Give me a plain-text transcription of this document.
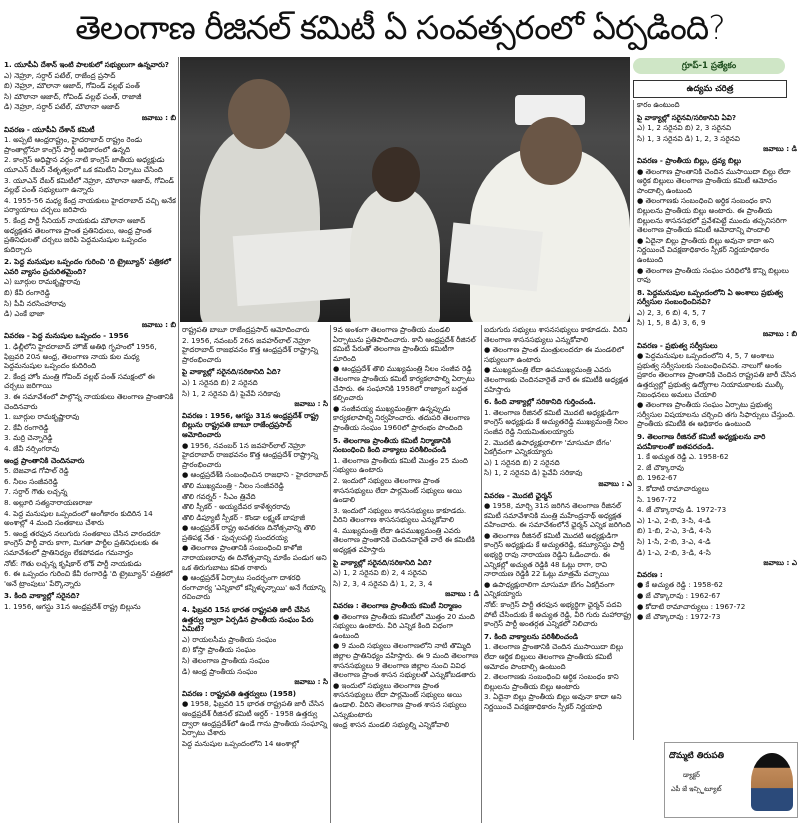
తెలంగాణ రీజినల్ కమిటీ ఏ సంవత్సరంలో ఏర్పడింది?

1. యూపీఏ దేశాన్ ఇంటి పాలకులో సభ్యులుగా ఉన్నవారు?

ఎ) నెహ్రూ, సర్దార్ పటేల్, రాజేంద్ర ప్రసాద్

బి) నెహ్రూ, మౌలానా ఆజాద్, గోవిండ్ వల్లభ్ పంత్

సి) మౌలానా ఆజాద్, గోవిండ్ వల్లభ్ పంత్, రాజాజీ

డి) నెహ్రూ, సర్దార్ పటేల్, మౌలానా ఆజాద్

జవాబు : బి

వివరణ - యూపీఏ దేశాన్ కమిటీ

1. అప్పటి ఆంధ్రరాష్ట్రం, హైదరాబాద్ రాష్ట్రం రెండు ప్రాంతాల్లోనూ కాంగ్రెస్ పార్టీ అధికారంలో ఉన్నది

2. కాంగ్రెస్ అధిష్టాన వర్గం నాటి కాంగ్రెస్ జాతీయ అధ్యక్షుడు యూఎన్ దేబర్ నేతృత్వంలో ఒక కమిటీని ఏర్పాటు చేసింది

3. యూఎన్ దేబర్ కమిటీలో నెహ్రూ, మౌలానా ఆజాద్, గోవిండ్ వల్లభ్ పంత్ సభ్యులుగా ఉన్నారు

4. 1955-56 మధ్య కేంద్ర నాయకులు హైదరాబాద్ వచ్చి అనేక పర్యాయాలు చర్చలు జరిపారు

5. కేంద్ర పార్టీ సీనియర్ నాయకుడు మౌలానా ఆజాద్ అధ్యక్షతన తెలంగాణ ప్రాంత ప్రతినిధులు, ఆంధ్ర ప్రాంత ప్రతినిధులతో చర్చలు జరిపి పెద్దమనుషుల ఒప్పందం కుదిర్చారు

2. పెద్ద మనుషుల ఒప్పందం గురించి 'ది ట్రైబ్యూన్' పత్రికలో ఎవరి వ్యాసం ప్రచురితమైంది?

ఎ) బూర్గుల రామకృష్ణారావు

బి) కేవీ రంగారెడ్డి

సి) పీవీ నరసింహారావు

డి) ఎంకే భాజా

జవాబు : బి

వివరణ - పెద్ద మనుషుల ఒప్పందం - 1956

1. ఢిల్లీలోని హైదరాబాద్ హౌజ్ అతిథి గృహంలో 1956, ఫిబ్రవరి 20న అంధ్ర, తెలంగాణ నాయ కుల మధ్య పెద్దమనుషుల ఒప్పందం కుదిరింది

2. కేంద్ర హోం మంత్రి గోవింద్ వల్లభ్ పంత్ సమక్షంలో ఈ చర్చలు జరిగాయి

3. ఈ సమావేశంలో పాల్గొన్న నాయకులు తెలంగాణ ప్రాంతానికి చెందినవారు

1. బూర్గుల రామకృష్ణారావు

2. కేవీ రంగారెడ్డి

3. మర్రి చెన్నారెడ్డి

4. జేవీ నర్సింగరావు

ఆంధ్ర ప్రాంతానికి చెందినవారు

5. బెజవాడ గోపాల్ రెడ్డి

6. నీలం సంజీవరెడ్డి

7. సర్దార్ గౌతు లచ్చన్న

8. అల్లూరి సత్యనారాయణరాజు

4. పెద్ద మనుషుల ఒప్పందంలో అంగీకారం కుదిరిన 14 అంశాల్లో 4 మంది సంతకాలు చేశారు

5. ఆంధ్ర తరఫున నలుగురు సంతకాలు చేసిన వారందరూ కాంగ్రెస్ పార్టీ వారు కాగా, మిగతా పార్టీల ప్రతినిధులకు ఈ సమావేశంలో ప్రాతినిధ్యం లేకపోవడం గమనార్హం

నోట్: గౌతు లచ్చన్న కృషికార్ లోక్ పార్టీ నాయకుడు

6. ఈ ఒప్పందం గురించి కేవీ రంగారెడ్డి 'ది ట్రైబ్యూన్' పత్రికలో 'ఆనే ట్రాంపులు' పేర్కొన్నారు

3. కింది వాక్యాల్లో సరైనది?

1. 1956, ఆగస్టు 31న ఆంధ్రప్రదేశ్ రాష్ట్ర బిల్లును

గ్రూప్-1 ప్రత్యేకం
ఉద్యమ చరిత్ర

రాష్ట్రపతి బాబూ రాజేంద్రప్రసాద్ ఆమోదించారు

2. 1956, నవంబర్ 26న జవహర్‌లాల్ నెహ్రూ హైదరాబాద్ రాజభవనం కొత్త ఆంధ్రప్రదేశ్ రాష్ట్రాన్ని ప్రారంభించారు

పై వాక్యాల్లో సరైనది/సరికానిది ఏది?

ఎ) 1 సరైనది బి) 2 సరైనది

సి) 1, 2 సరైనవి డి) పైవేవీ సరికావు

జవాబు : సి

వివరణ : 1956, ఆగస్టు 31న ఆంధ్రప్రదేశ్ రాష్ట్ర బిల్లును రాష్ట్రపతి బాబూ రాజేంద్రప్రసాద్ ఆమోదించారు

● 1956, నవంబర్ 1న జవహర్‌లాల్ నెహ్రూ హైదరాబాద్ రాజభవనం కొత్త ఆంధ్రప్రదేశ్ రాష్ట్రాన్ని ప్రారంభించారు

● ఆంధ్రప్రదేశ్‌కి సంబంధించిన రాజధాని - హైదరాబాద్

తొలి ముఖ్యమంత్రి - నీలం సంజీవరెడ్డి

తొలి గవర్నర్ - సీఎం త్రివేది

తొలి స్పీకర్ - అయ్యదేవర కాళేశ్వరరావు

తొలి డిప్యూటీ స్పీకర్ - కొండా లక్ష్మణ్ బాపూజీ

● ఆంధ్రప్రదేశ్ రాష్ట్ర అవతరణ దినోత్సవాన్ని తొలి ప్రతిపక్ష నేత - పుచ్చలపల్లి సుందరయ్య

● తెలంగాణ ప్రాంతానికి సంబంధించి కాళోజి నారాయణరావు ఈ దినోత్సవాన్ని మాకేం పండుగ అని ఒక తిరుగుబాటు కవిత రాశారు

● ఆంధ్రప్రదేశ్ ఏర్పాటు సందర్భంగా దాశరధి రంగాచార్య 'ఎన్నికాలో కన్నీళ్ళున్నాయి' అనే గేయాన్ని రచించారు

4. ఫిబ్రవరి 15న భారత రాష్ట్రపతి జారీ చేసిన ఉత్తర్వు ద్వారా ఏర్పడిన ప్రాంతీయ సంఘం పేరు ఏమిటి?

ఎ) రాయలసీమ ప్రాంతీయ సంఘం

బి) కోస్తా ప్రాంతీయ సంఘం

సి) తెలంగాణ ప్రాంతీయ సంఘం

డి) ఆంధ్ర ప్రాంతీయ సంఘం

జవాబు : సి

వివరణ : రాష్ట్రపతి ఉత్తర్వులు (1958)

● 1958, ఫిబ్రవరి 15 భారత రాష్ట్రపతి జారీ చేసిన ఆంధ్రప్రదేశ్ రీజినల్ కమిటీ ఆర్డర్ - 1958 ఉత్తర్వు ద్వారా ఆంధ్రప్రదేశ్‌లో ఉండే గాను ప్రాంతీయ సంఘాన్ని ఏర్పాటు చేశారు

పెద్ద మనుషుల ఒప్పందంలోని 14 అంశాల్లో

9వ అంశంగా తెలంగాణ ప్రాంతీయ మండలి ఏర్పాటును ప్రతిపాదించారు. కానీ ఆంధ్రప్రదేశ్ రీజినల్ కమిటీ పేరుతో తెలంగాణ ప్రాంతీయ కమిటీగా మారింది

● ఆంధ్రప్రదేశ్ తొలి ముఖ్యమంత్రి నీలం సంజీవ రెడ్డి తెలంగాణ ప్రాంతీయ కమిటీ కార్యకలాపాల్ని ఏర్పాటు చేసారు. ఈ సంఘానికి 1958లో రాజ్యాంగ బద్దత కల్పించారు

● సంజీవయ్య ముఖ్యమంత్రిగా ఉన్నప్పుడు కార్యకలాపాల్ని నిర్వహించారు. తదుపరి తెలంగాణ ప్రాంతీయ సంఘం 1960లో ప్రారంభం పొందింది

5. తెలంగాణ ప్రాంతీయ కమిటీ నిర్మాణానికి సంబంధించి కింది వాక్యాలు పరిశీలించండి

1. తెలంగాణ ప్రాంతీయ కమిటీ మొత్తం 25 మంది సభ్యులు ఉంటారు

2. ఇందులో సభ్యులు తెలంగాణ ప్రాంత శాసనసభ్యులు లేదా పార్లమెంట్ సభ్యులు అయి ఉండాలి

3. ఇందులో సభ్యులు శాసనసభ్యులు కాకూడదు. వీరిని తెలంగాణ శాసనసభ్యులు ఎన్నుకోవాలి

4. ముఖ్యమంత్రి లేదా ఉపముఖ్యమంత్రి ఎవరు తెలంగాణ ప్రాంతానికి చెందినవారైతే వారే ఈ కమిటీకి అధ్యక్షత వహిస్తారు

పై వాక్యాల్లో సరైనది/సరికానిది ఏది?

ఎ) 1, 2 సరైనవి బి) 2, 4 సరైనవి

సి) 2, 3, 4 సరైనవి డి) 1, 2, 3, 4

జవాబు : డి

వివరణ : తెలంగాణ ప్రాంతీయ కమిటీ నిర్మాణం

● తెలంగాణ ప్రాంతీయ కమిటీలో మొత్తం 20 మంది సభ్యులు ఉంటారు. వీరి ఎన్నిక కింది విధంగా ఉంటుంది

● 9 మంది సభ్యులు తెలంగాణలోని నాటి తొమ్మిది జిల్లాల ప్రాతినిధ్యం వహిస్తారు. ఈ 9 మంది తెలంగాణ శాసనసభ్యులు 9 తెలంగాణ జిల్లాల నుంచి వివిధ తెలంగాణ ప్రాంత శాసన సభ్యులతో ఎన్నుకోబడతారు

● ఇందులో సభ్యులు తెలంగాణ ప్రాంత శాసనసభ్యులు లేదా పార్లమెంట్ సభ్యులు అయి ఉండాలి. వీరిని తెలంగాణ ప్రాంత శాసన సభ్యులు ఎన్నుకుంటారు

ఆంధ్ర శాసన మండలి సభ్యుల్ని ఎన్నికోవాలి

ఐదుగురు సభ్యులు శాసనసభ్యులు కాకూడదు. వీరిని తెలంగాణ శాసనసభ్యులు ఎన్నుకోవాలి

● తెలంగాణ ప్రాంత మంత్రులందరూ ఈ మండలిలో సభ్యులుగా ఉంటారు

● ముఖ్యమంత్రి లేదా ఉపముఖ్యమంత్రి ఎవరు తెలంగాణకు చెందినవారైతే వారే ఈ కమిటీకి అధ్యక్షత వహిస్తారు

6. కింది వాక్యాల్లో సరికానిది గుర్తించండి.

1. తెలంగాణ రీజినల్ కమిటీ మొదటి అధ్యక్షుడిగా కాంగ్రెస్ అధ్యక్షుడు కే అచ్యుతరెడ్డి ముఖ్యమంత్రి నీలం సంజీవ రెడ్డి నియమితులయ్యారు

2. మొదటి ఉపాధ్యక్షురాలిగా 'మాసుమా బేగం' ఏకగ్రీవంగా ఎన్నికయ్యారు

ఎ) 1 సరైనది బి) 2 సరైనది

సి) 1, 2 సరైనవి డి) పైవేవీ సరికావు

జవాబు : ఎ

వివరణ - మొదటి ఛైర్మన్

● 1958, మార్చి 31న జరిగిన తెలంగాణ రీజినల్ కమిటీ సమావేశానికి మంత్రి మహేంద్రనాథ్ అధ్యక్షత వహించారు. ఈ సమావేశంలోనే ఛైర్మన్ ఎన్నిక జరిగింది

● తెలంగాణ రీజినల్ కమిటీ మొదటి అధ్యక్షుడిగా కాంగ్రెస్ అధ్యక్షుడు కే అచ్యుతరెడ్డి, కమ్యూనిస్టు పార్టీ అభ్యర్థి రావు నారాయణ రెడ్డిని ఓడించారు. ఈ ఎన్నికల్లో అచ్యుత రెడ్డికి 48 ఓట్లు రాగా, రావి నారాయణ రెడ్డికి 22 ఓట్లు మాత్రమే వచ్చాయి

● ఉపాధ్యక్షురాలిగా మాసుమా బేగం ఏకగ్రీవంగా ఎన్నికయ్యారు

నోట్: కాంగ్రెస్ పార్టీ తరఫున అభ్యర్థిగా ఛైర్మన్ పదవి పోటీ చేసిందుకు కే అచ్యుత రెడ్డి, వీరి గురు మహారాష్ట్ర కాంగ్రెస్ పార్టీ అంతర్గత ఎన్నికలో నిలిచారు

7. కింది వాక్యాలను పరిశీలించండి

1. తెలంగాణ ప్రాంతానికి చెందిన ముసాయిదా బిల్లు లేదా ఆర్థిక బిల్లులు తెలంగాణ ప్రాంతీయ కమిటీ ఆమోదం పొందాల్సి ఉంటుంది

2. తెలంగాణకు సంబంధించి అర్థిక సంబంధం కాని బిల్లులను ప్రాంతీయ బిల్లు అంటారు

3. ఏదైనా బిల్లు ప్రాంతీయ బిల్లు అవునా కాదా అని నిర్ణయించే విచక్షణాధికారం స్పీకర్ నిర్ణయాధి

కారం ఉంటుంది

పై వాక్యాల్లో సరైనవి/సరికానివి ఏవి?

ఎ) 1, 2 సరైనవి బి) 2, 3 సరైనవి

సి) 1, 3 సరైనవి డి) 1, 2, 3 సరైనవి

జవాబు : డి

వివరణ - ప్రాంతీయ బిల్లు, ద్రవ్య బిల్లు

● తెలంగాణ ప్రాంతానికి చెందిన ముసాయిదా బిల్లు లేదా ఆర్థిక బిల్లులు తెలంగాణ ప్రాంతీయ కమిటీ ఆమోదం పొందాల్సి ఉంటుంది

● తెలంగాణకు సంబంధించి అర్థిక సంబంధం కాని బిల్లులను ప్రాంతీయ బిల్లు అంటారు. ఈ ప్రాంతీయ బిల్లులను శాసనసభలో ప్రవేశపెట్టే ముందు తప్పనిసరిగా తెలంగాణ ప్రాంతీయ కమిటీ ఆమోదాన్ని పొందాలి

● ఏదైనా బిల్లు ప్రాంతీయ బిల్లు అవునా కాదా అని నిర్ణయించే విచక్షణాధికారం స్పీకర్ నిర్ణయాధికారం ఉంటుంది

● తెలంగాణ ప్రాంతీయ సంఘం పరిధిలోకి కొన్ని బిల్లులు రావు

8. పెద్దమనుషుల ఒప్పందంలోని ఏ అంశాలు ప్రభుత్వ సర్వీసుల సంబంధించినవి?

ఎ) 2, 3, 6 బి) 4, 5, 7

సి) 1, 5, 8 డి) 3, 6, 9

జవాబు : బి

వివరణ - ప్రభుత్వ సర్వీసులు

● పెద్దమనుషుల ఒప్పందంలోని 4, 5, 7 అంశాలు ప్రభుత్వ సర్వీసులకు సంబంధించినవి. నాలుగో అంశం ప్రకారం తెలంగాణ ప్రాంతానికి చెందిన రాష్ట్రపతి జారీ చేసిన ఉత్తర్వుల్లో ప్రభుత్వ ఉద్యోగాల నియామకాలకు ముల్కీ నిబంధనలు అమలు చేయాలి

● తెలంగాణ ప్రాంతీయ సంఘం ఏర్పాటు ప్రభుత్వ సర్వీసుల విషయాలను చర్చించి తగు సిఫార్సులు చేస్తుంది. ప్రాంతీయ కమిటీకి ఈ అధికారం ఉంటుంది

9. తెలంగాణ రీజినల్ కమిటీ అధ్యక్షులను వారి పదవీకాలంతో జతపరచండి.

1. కే అచ్యుత రెడ్డి ఎ. 1958-62

2. జే చొక్కారావు

బి. 1962-67

3. కోదాటి రామాచార్యులు

సి. 1967-72

4. జే చొక్కారావు డి. 1972-73

ఎ) 1-ఎ, 2-బి, 3-సి, 4-డి

బి) 1-బి, 2-ఎ, 3-డి, 4-సి

సి) 1-సి, 2-బి, 3-ఎ, 4-డి

డి) 1-ఎ, 2-బి, 3-డి, 4-సి

జవాబు : ఎ

వివరణ :

● కే అచ్యుత రెడ్డి : 1958-62

● జే చొక్కారావు : 1962-67

● కోదాటి రామాచార్యులు : 1967-72

● జే చొక్కారావు : 1972-73

దొమ్మటి తిరుపతి
డ్యాక్టర్
ఎపీ జే ఇన్స్టిట్యూట్
